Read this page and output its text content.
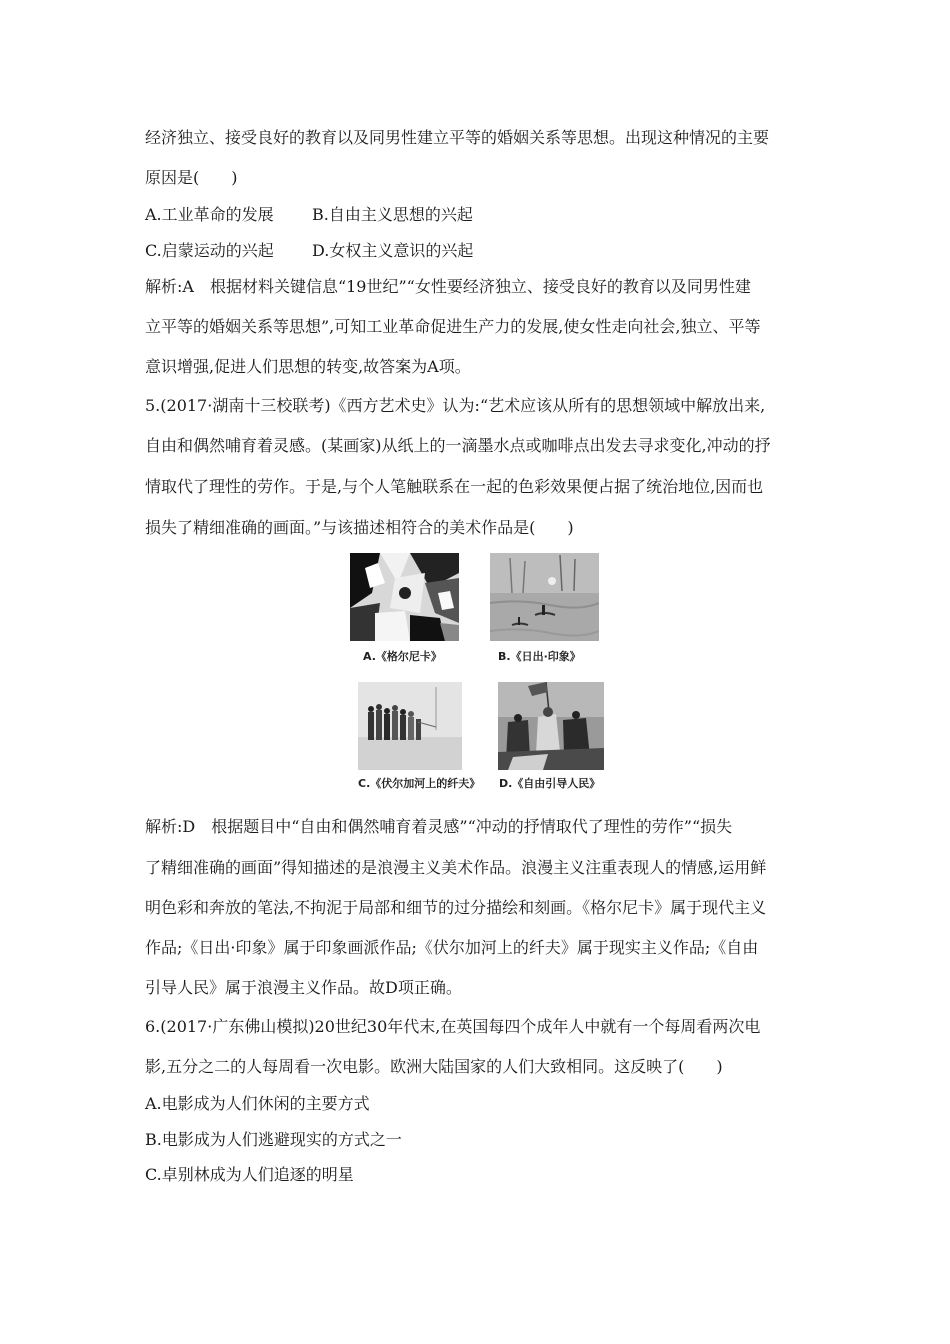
经济独立、接受良好的教育以及同男性建立平等的婚姻关系等思想。出现这种情况的主要
原因是(　　)
A.工业革命的发展 B.自由主义思想的兴起
C.启蒙运动的兴起 D.女权主义意识的兴起
解析:A　根据材料关键信息“19世纪”“女性要经济独立、接受良好的教育以及同男性建
立平等的婚姻关系等思想”,可知工业革命促进生产力的发展,使女性走向社会,独立、平等
意识增强,促进人们思想的转变,故答案为A项。
5.(2017·湖南十三校联考)《西方艺术史》认为:“艺术应该从所有的思想领域中解放出来,
自由和偶然哺育着灵感。(某画家)从纸上的一滴墨水点或咖啡点出发去寻求变化,冲动的抒
情取代了理性的劳作。于是,与个人笔触联系在一起的色彩效果便占据了统治地位,因而也
损失了精细准确的画面。”与该描述相符合的美术作品是(　　)
A.《格尔尼卡》	B.《日出·印象》
C.《伏尔加河上的纤夫》 D.《自由引导人民》
解析:D　根据题目中“自由和偶然哺育着灵感”“冲动的抒情取代了理性的劳作”“损失
了精细准确的画面”得知描述的是浪漫主义美术作品。浪漫主义注重表现人的情感,运用鲜
明色彩和奔放的笔法,不拘泥于局部和细节的过分描绘和刻画。《格尔尼卡》属于现代主义
作品;《日出·印象》属于印象画派作品;《伏尔加河上的纤夫》属于现实主义作品;《自由
引导人民》属于浪漫主义作品。故D项正确。
6.(2017·广东佛山模拟)20世纪30年代末,在英国每四个成年人中就有一个每周看两次电
影,五分之二的人每周看一次电影。欧洲大陆国家的人们大致相同。这反映了(　　)
A.电影成为人们休闲的主要方式
B.电影成为人们逃避现实的方式之一
C.卓别林成为人们追逐的明星
